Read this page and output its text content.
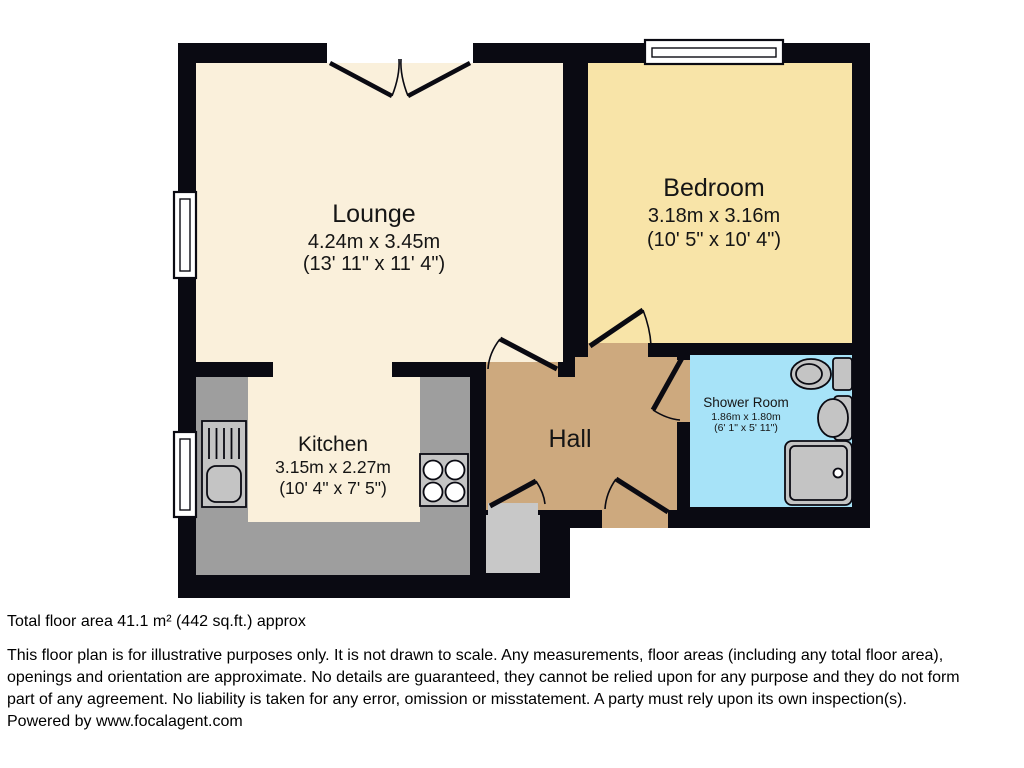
Lounge
4.24m x 3.45m
(13' 11" x 11' 4")
Bedroom
3.18m x 3.16m
(10' 5" x 10' 4")
Kitchen
3.15m x 2.27m
(10' 4" x 7' 5")
Hall
Shower Room
1.86m x 1.80m
(6' 1" x 5' 11")
Total floor area 41.1 m² (442 sq.ft.) approx
This floor plan is for illustrative purposes only. It is not drawn to scale. Any measurements, floor areas (including any total floor area),
openings and orientation are approximate. No details are guaranteed, they cannot be relied upon for any purpose and they do not form
part of any agreement. No liability is taken for any error, omission or misstatement. A party must rely upon its own inspection(s).
Powered by www.focalagent.com
